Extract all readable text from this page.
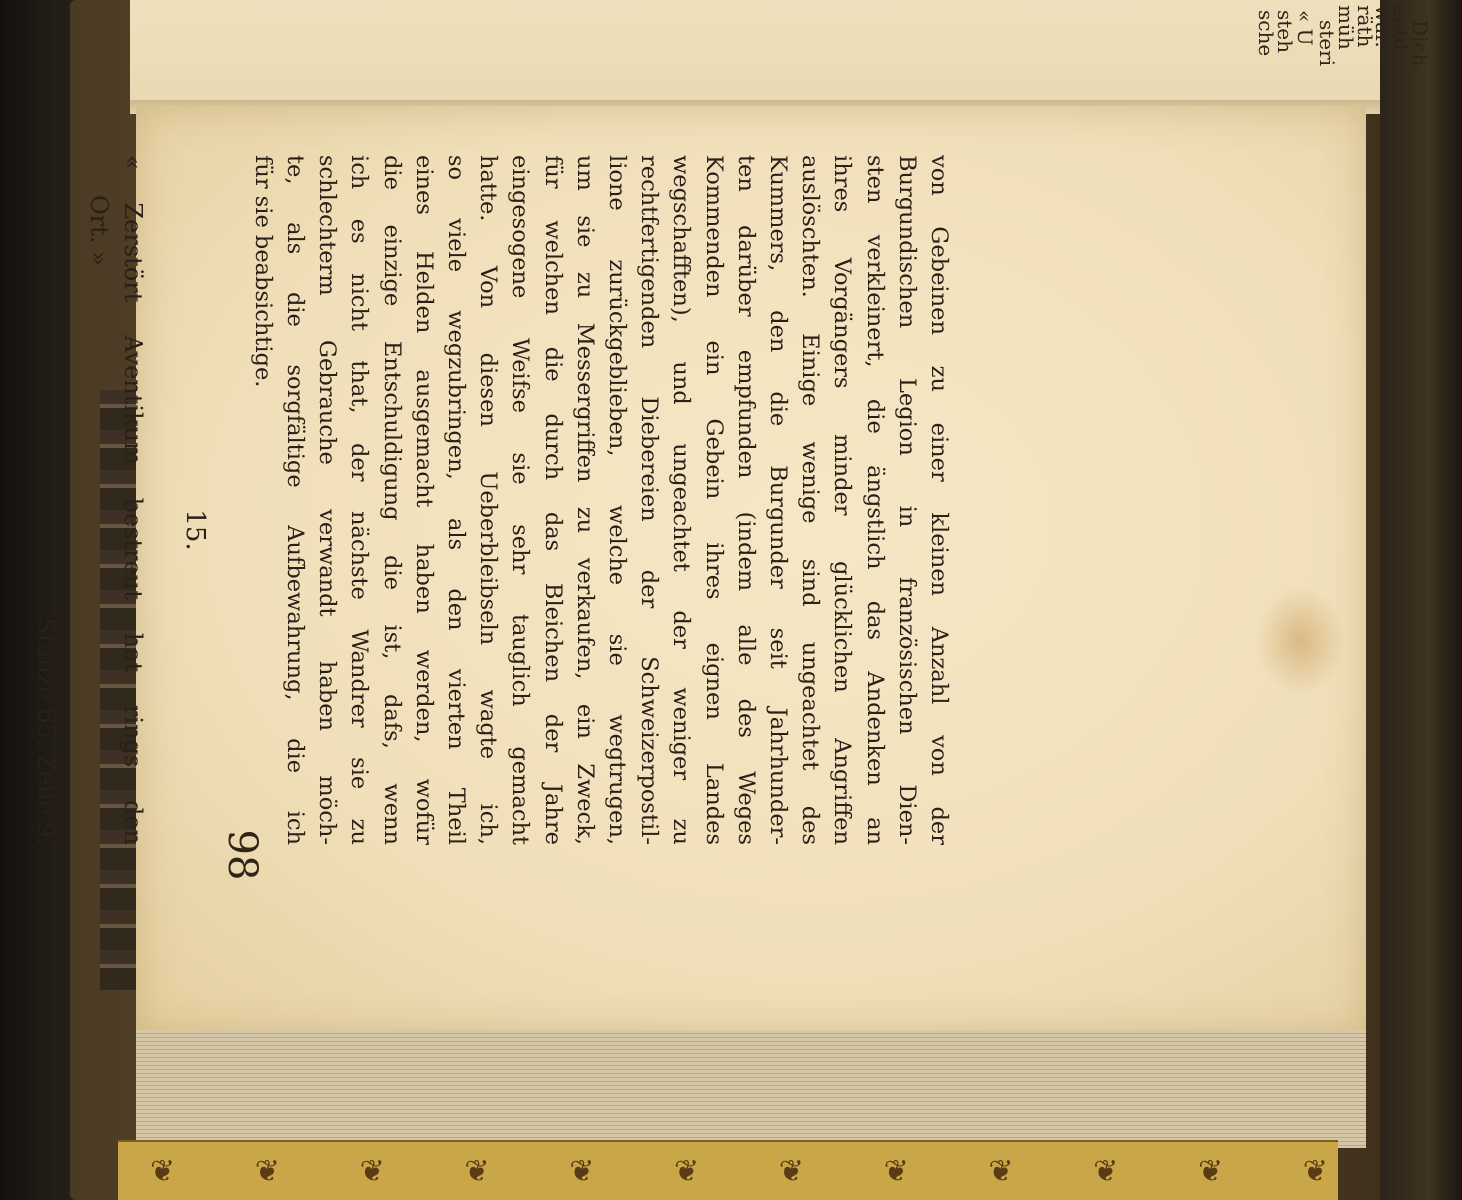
❦	❦	❦	❦	❦	❦	❦	❦	❦	❦	❦	❦
sche
steh
« U
steri
müh
räth
war.
entd
Dich
98
von Gebeinen zu einer kleinen Anzahl von der
Burgundischen Legion in französischen Dien-
sten verkleinert, die ängstlich das Andenken an
ihres Vorgängers minder glücklichen Angriffen
auslöschten. Einige wenige sind ungeachtet des
Kummers, den die Burgunder seit Jahrhunder-
ten darüber empfunden (indem alle des Weges
Kommenden ein Gebein ihres eignen Landes
wegschafften), und ungeachtet der weniger zu
rechtfertigenden Diebereien der Schweizerpostil-
lione zurückgeblieben, welche sie wegtrugen,
um sie zu Messergriffen zu verkaufen, ein Zweck,
für welchen die durch das Bleichen der Jahre
eingesogene Weifse sie sehr tauglich gemacht
hatte. Von diesen Ueberbleibseln wagte ich,
so viele wegzubringen, als den vierten Theil
eines Helden ausgemacht haben werden, wofür
die einzige Entschuldigung die ist, dafs, wenn
ich es nicht that, der nächste Wandrer sie zu
schlechterm Gebrauche verwandt haben möch-
te, als die sorgfältige Aufbewahrung, die ich
für sie beabsichtige.
15.
« Zerstört Aventikum bestreut hat rings den
Ort. »
Stanze 65. Zeile 9.
